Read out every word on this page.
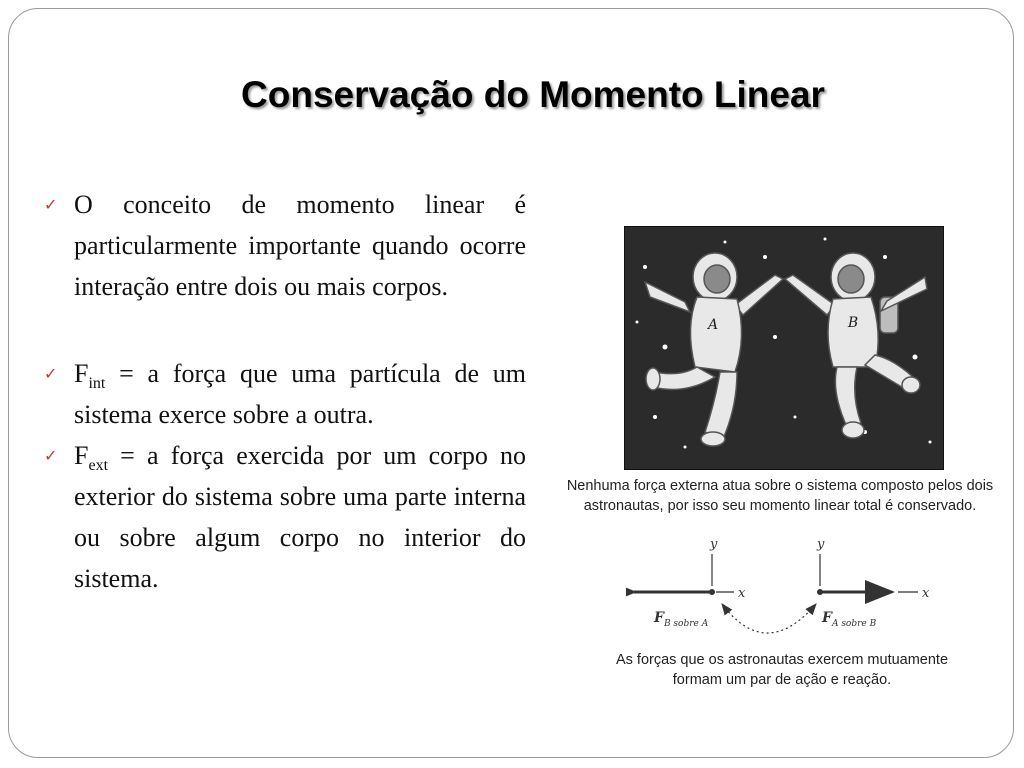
Conservação do Momento Linear
✓ O conceito de momento linear é particularmente importante quando ocorre interação entre dois ou mais corpos.
✓ $F_{int} = a$ força que uma partícula de um sistema exerce sobre a outra.
✓ $F_{ext} = a$ força exercida por um corpo no exterior do sistema sobre uma parte interna ou sobre algum corpo no interior do sistema.
A	B
Nenhuma força externa atua sobre o sistema composto pelos dois astronautas, por isso seu momento linear total é conservado.
y
x
y
x
$F_{B sobre A}$	$F_{A sobre B}$
As forças que os astronautas exercem mutuamente formam um par de ação e reação.
